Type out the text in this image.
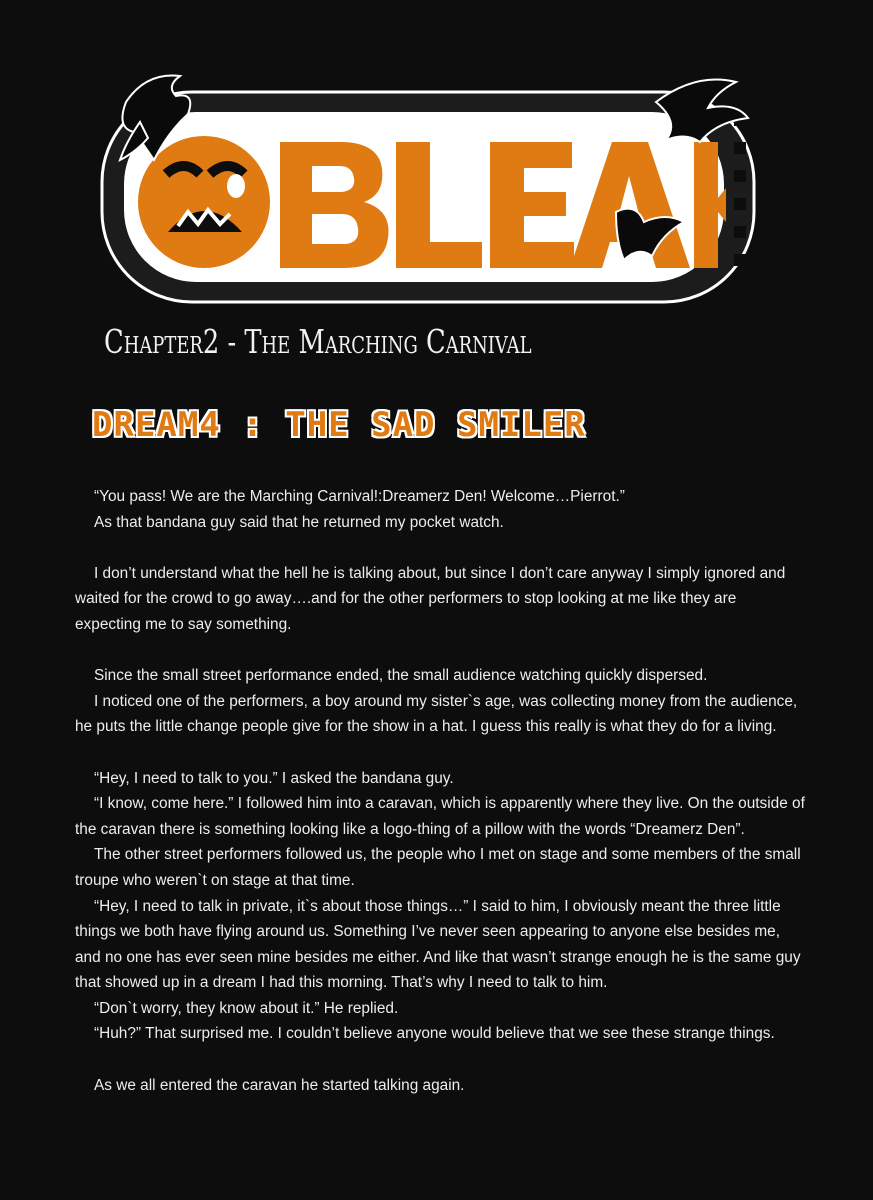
Chapter2 - The Marching Carnival
DREAM4 : THE SAD SMILER

“You pass! We are the Marching Carnival!:Dreamerz Den! Welcome…Pierrot.”

As that bandana guy said that he returned my pocket watch.

I don’t understand what the hell he is talking about, but since I don’t care anyway I simply ignored and waited for the crowd to go away….and for the other performers to stop looking at me like they are expecting me to say something.

Since the small street performance ended, the small audience watching quickly dispersed.

I noticed one of the performers, a boy around my sister`s age, was collecting money from the audience, he puts the little change people give for the show in a hat. I guess this really is what they do for a living.

“Hey, I need to talk to you.” I asked the bandana guy.

“I know, come here.” I followed him into a caravan, which is apparently where they live. On the outside of the caravan there is something looking like a logo-thing of a pillow with the words “Dreamerz Den”.

The other street performers followed us, the people who I met on stage and some members of the small troupe who weren`t on stage at that time.

“Hey, I need to talk in private, it`s about those things…” I said to him, I obviously meant the three little things we both have flying around us. Something I’ve never seen appearing to anyone else besides me, and no one has ever seen mine besides me either. And like that wasn’t strange enough he is the same guy that showed up in a dream I had this morning. That’s why I need to talk to him.

“Don`t worry, they know about it.” He replied.

“Huh?” That surprised me. I couldn’t believe anyone would believe that we see these strange things.

As we all entered the caravan he started talking again.
